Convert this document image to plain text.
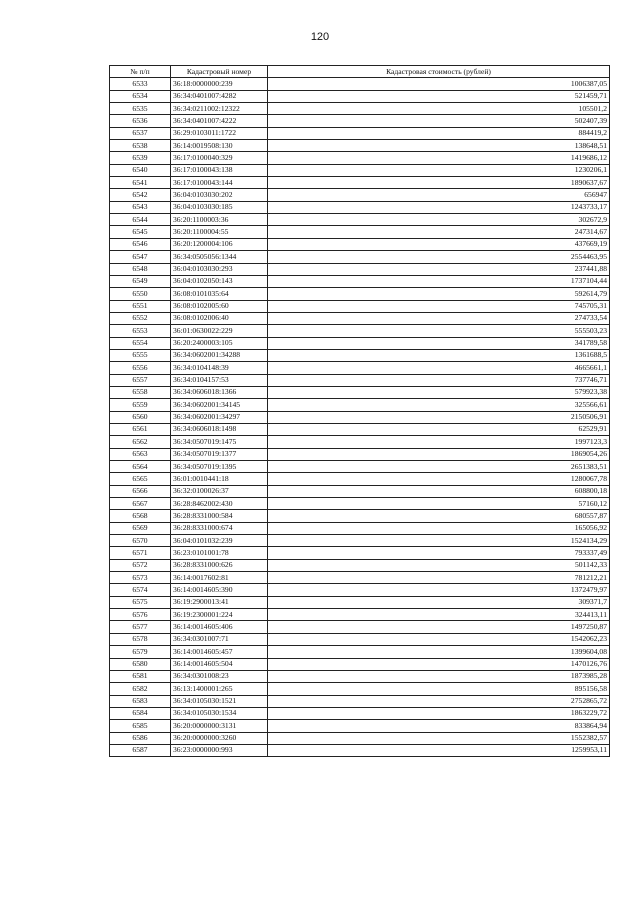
120
№ п/п	Кадастровый номер	Кадастровая стоимость (рублей)
6533	36:18:0000000:239	1006387,05
6534	36:34:0401007:4282	521459,71
6535	36:34:0211002:12322	105501,2
6536	36:34:0401007:4222	502407,39
6537	36:29:0103011:1722	884419,2
6538	36:14:0019508:130	138648,51
6539	36:17:0100040:329	1419686,12
6540	36:17:0100043:138	1230206,1
6541	36:17:0100043:144	1890637,67
6542	36:04:0103030:202	656947
6543	36:04:0103030:185	1243733,17
6544	36:20:1100003:36	302672,9
6545	36:20:1100004:55	247314,67
6546	36:20:1200004:106	437669,19
6547	36:34:0505056:1344	2554463,95
6548	36:04:0103030:293	237441,88
6549	36:04:0102050:143	1737104,44
6550	36:08:0101035:64	592614,79
6551	36:08:0102005:60	745705,31
6552	36:08:0102006:40	274733,54
6553	36:01:0630022:229	555503,23
6554	36:20:2400003:105	341789,58
6555	36:34:0602001:34288	1361688,5
6556	36:34:0104148:39	4665661,1
6557	36:34:0104157:53	737746,71
6558	36:34:0606018:1366	579923,38
6559	36:34:0602001:34145	325566,61
6560	36:34:0602001:34297	2150506,91
6561	36:34:0606018:1498	62529,91
6562	36:34:0507019:1475	1997123,3
6563	36:34:0507019:1377	1869054,26
6564	36:34:0507019:1395	2651383,51
6565	36:01:0010441:18	1280067,78
6566	36:32:0100026:37	608800,18
6567	36:28:8462002:430	57160,12
6568	36:28:8331000:584	680557,87
6569	36:28:8331000:674	165056,92
6570	36:04:0101032:239	1524134,29
6571	36:23:0101001:78	793337,49
6572	36:28:8331000:626	501142,33
6573	36:14:0017602:81	781212,21
6574	36:14:0014605:390	1372479,97
6575	36:19:2900013:41	309371,7
6576	36:19:2300001:224	324413,11
6577	36:14:0014605:406	1497250,87
6578	36:34:0301007:71	1542062,23
6579	36:14:0014605:457	1399604,08
6580	36:14:0014605:504	1470126,76
6581	36:34:0301008:23	1873985,28
6582	36:13:1400001:265	895156,58
6583	36:34:0105030:1521	2752865,72
6584	36:34:0105030:1534	1863229,72
6585	36:20:0000000:3131	833864,94
6586	36:20:0000000:3260	1552382,57
6587	36:23:0000000:993	1259953,11
